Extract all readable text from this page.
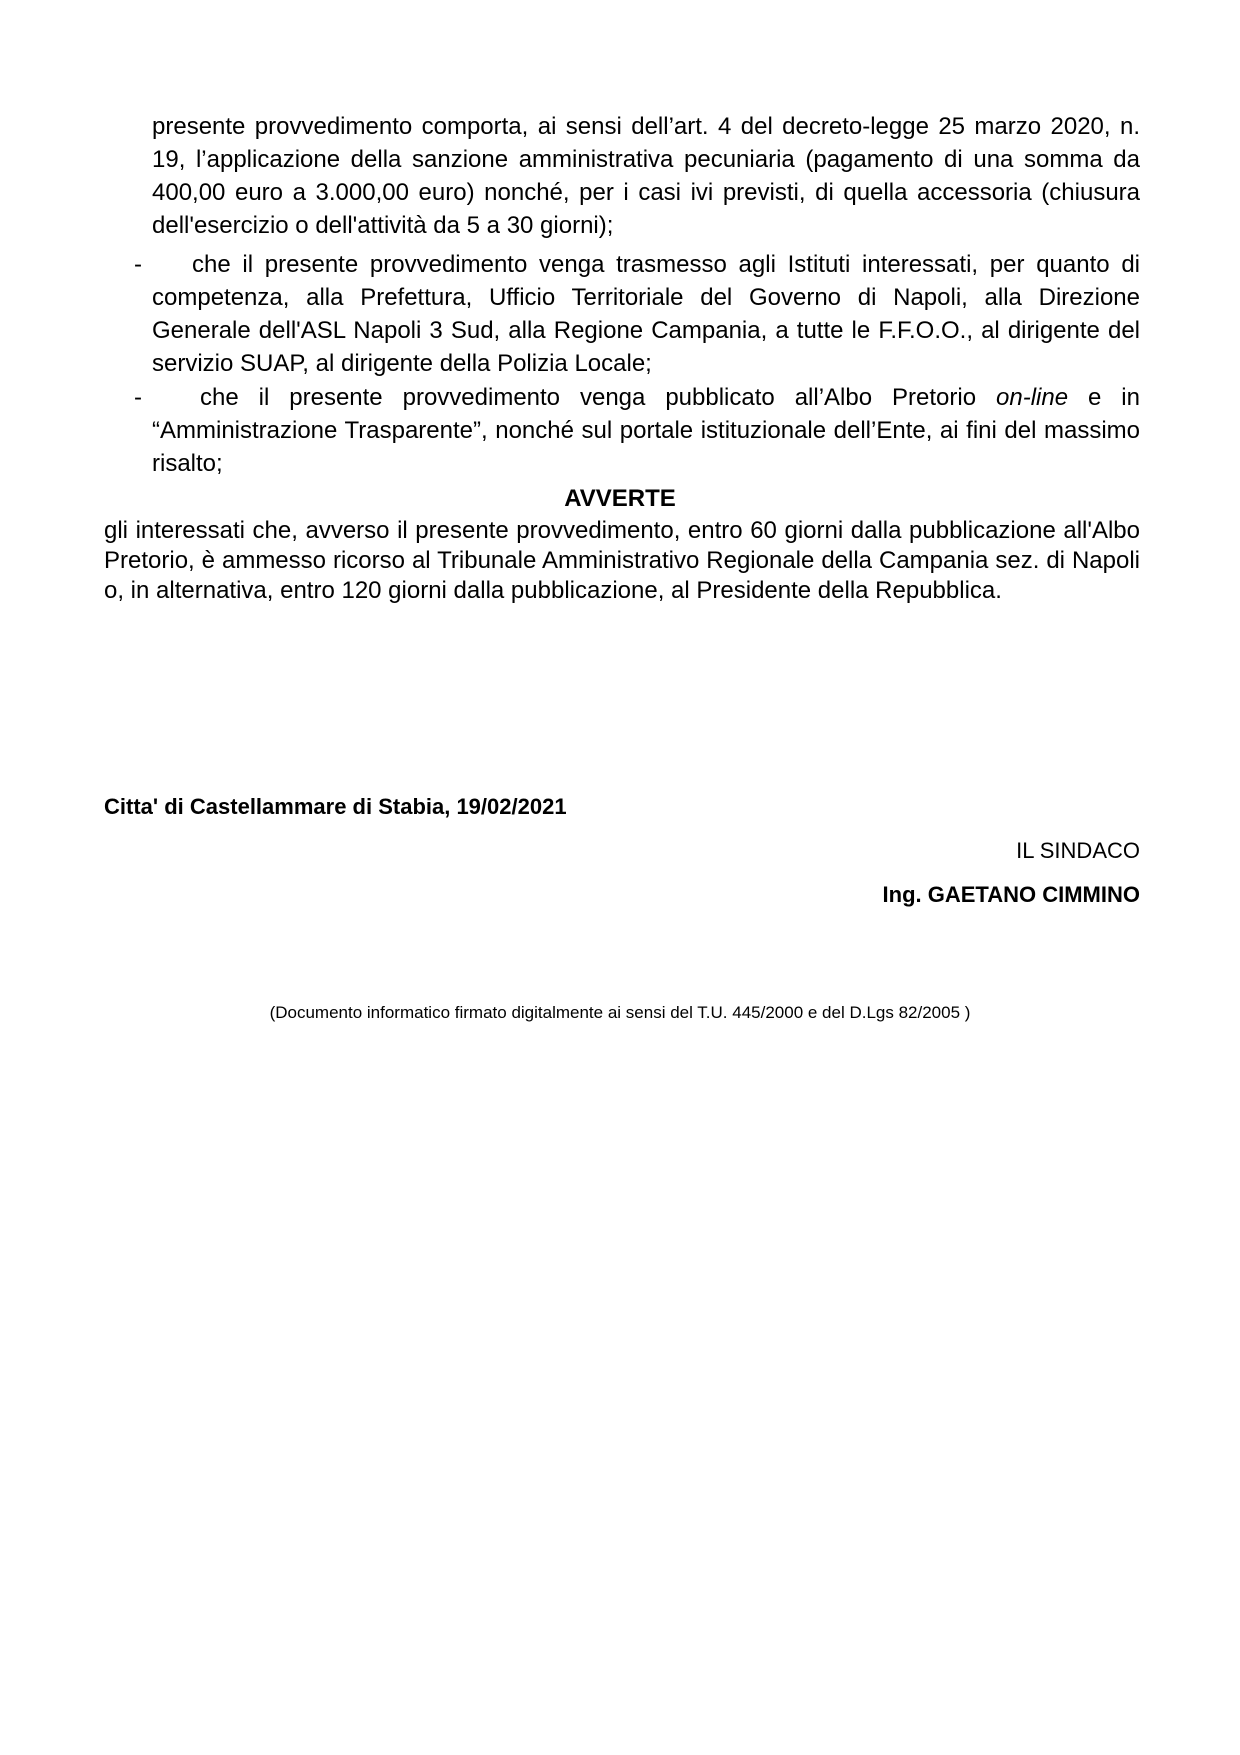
presente provvedimento comporta, ai sensi dell’art. 4 del decreto-legge 25 marzo 2020, n. 19, l’applicazione della sanzione amministrativa pecuniaria (pagamento di una somma da 400,00 euro a 3.000,00 euro) nonché, per i casi ivi previsti, di quella accessoria (chiusura dell'esercizio o dell'attività da 5 a 30 giorni);
-	che il presente provvedimento venga trasmesso agli Istituti interessati, per quanto di competenza, alla Prefettura, Ufficio Territoriale del Governo di Napoli, alla Direzione Generale dell'ASL Napoli 3 Sud, alla Regione Campania, a tutte le F.F.O.O., al dirigente del servizio SUAP, al dirigente della Polizia Locale;
-	che il presente provvedimento venga pubblicato all’Albo Pretorio on-line e in “Amministrazione Trasparente”, nonché sul portale istituzionale dell’Ente, ai fini del massimo risalto;
AVVERTE
gli interessati che, avverso il presente provvedimento, entro 60 giorni dalla pubblicazione all'Albo Pretorio, è ammesso ricorso al Tribunale Amministrativo Regionale della Campania sez. di Napoli o, in alternativa, entro 120 giorni dalla pubblicazione, al Presidente della Repubblica.
Citta' di Castellammare di Stabia, 19/02/2021
IL SINDACO
Ing. GAETANO CIMMINO
(Documento informatico firmato digitalmente ai sensi del T.U. 445/2000 e del D.Lgs 82/2005 )
